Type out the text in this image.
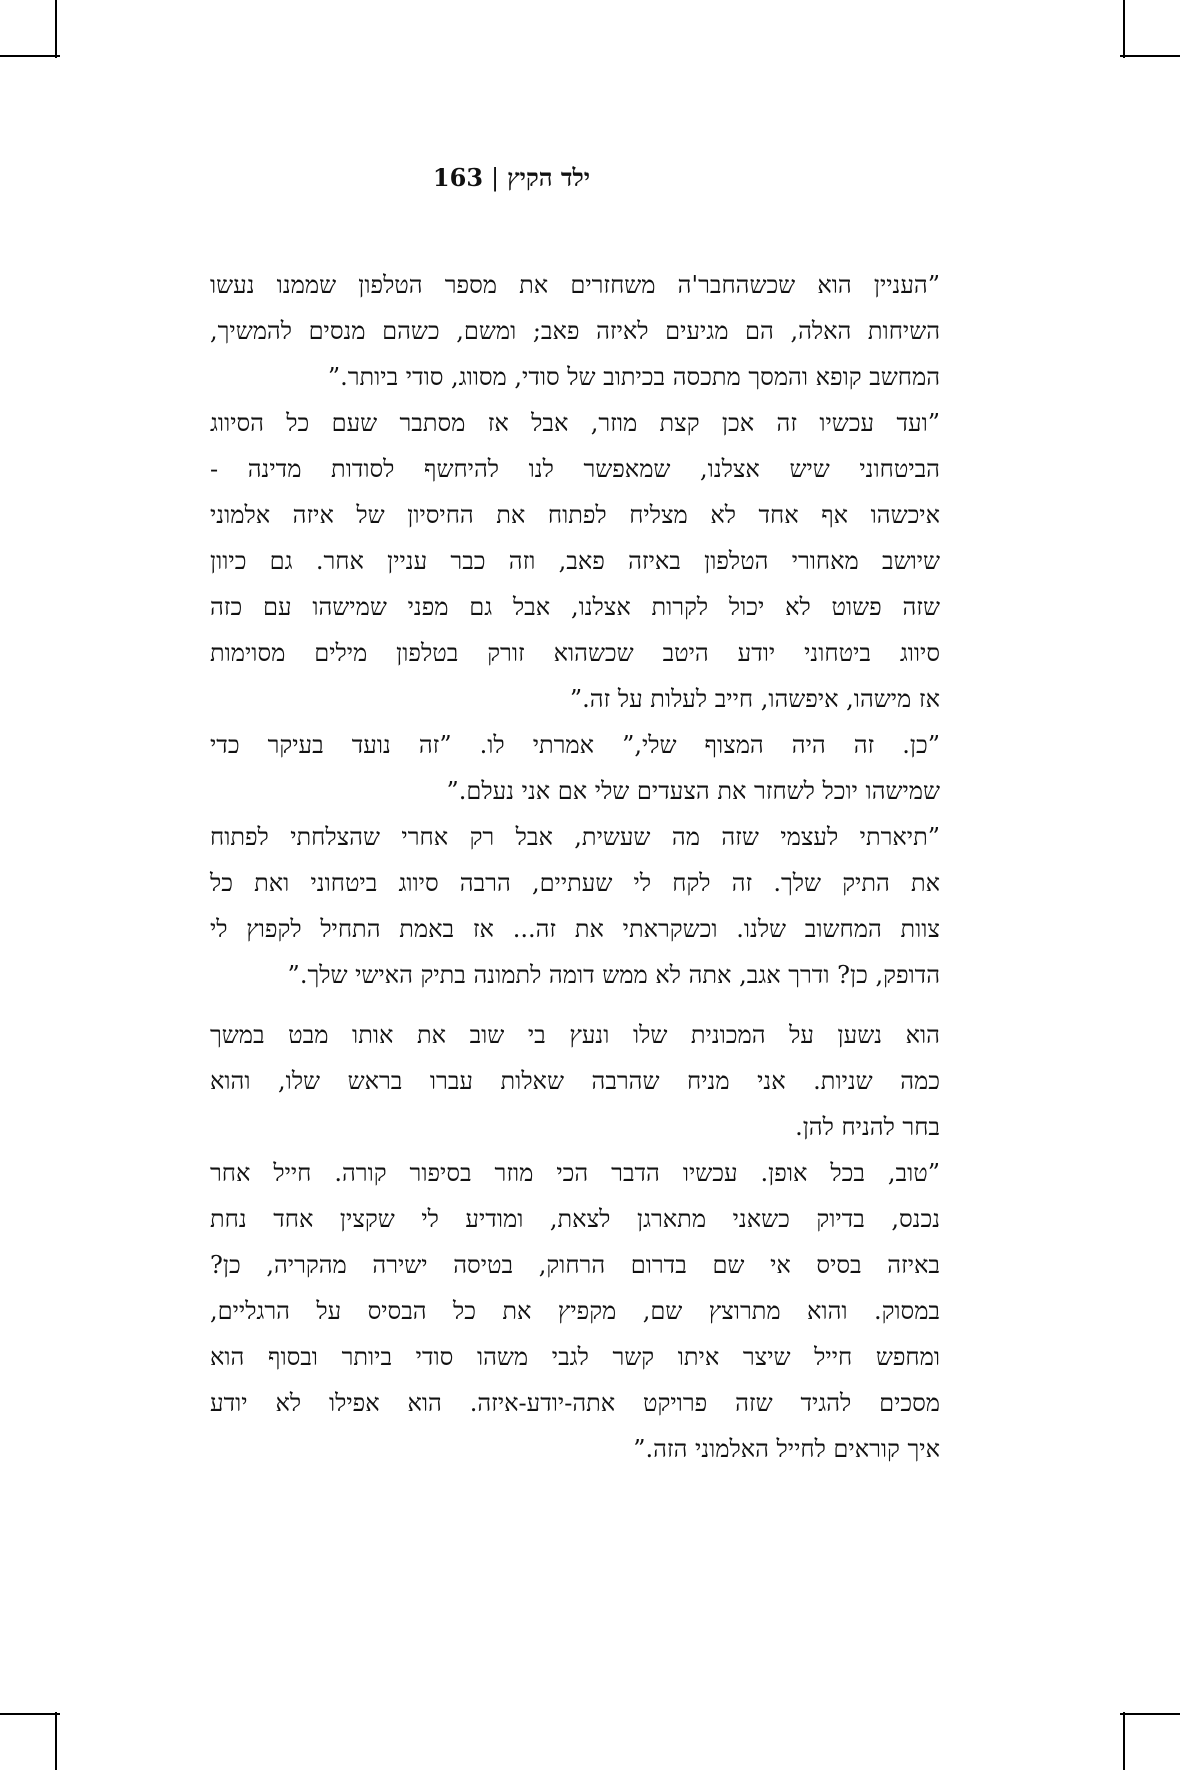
ילד הקיץ|163
”העניין הוא שכשהחבר'ה משחזרים את מספר הטלפון שממנו נעשו
השיחות האלה, הם מגיעים לאיזה פאב; ומשם, כשהם מנסים להמשיך,
המחשב קופא והמסך מתכסה בכיתוב של סודי, מסווג, סודי ביותר.”
”ועד עכשיו זה אכן קצת מוזר, אבל אז מסתבר שעם כל הסיווג
הביטחוני שיש אצלנו, שמאפשר לנו להיחשף לסודות מדינה -
איכשהו אף אחד לא מצליח לפתוח את החיסיון של איזה אלמוני
שיושב מאחורי הטלפון באיזה פאב, וזה כבר עניין אחר. גם כיוון
שזה פשוט לא יכול לקרות אצלנו, אבל גם מפני שמישהו עם כזה
סיווג ביטחוני יודע היטב שכשהוא זורק בטלפון מילים מסוימות
אז מישהו, איפשהו, חייב לעלות על זה.”
”כן. זה היה המצוף שלי,” אמרתי לו. ”זה נועד בעיקר כדי
שמישהו יוכל לשחזר את הצעדים שלי אם אני נעלם.”
”תיארתי לעצמי שזה מה שעשית, אבל רק אחרי שהצלחתי לפתוח
את התיק שלך. זה לקח לי שעתיים, הרבה סיווג ביטחוני ואת כל
צוות המחשוב שלנו. וכשקראתי את זה... אז באמת התחיל לקפוץ לי
הדופק, כן? ודרך אגב, אתה לא ממש דומה לתמונה בתיק האישי שלך.”
הוא נשען על המכונית שלו ונעץ בי שוב את אותו מבט במשך
כמה שניות. אני מניח שהרבה שאלות עברו בראש שלו, והוא
בחר להניח להן.
”טוב, בכל אופן. עכשיו הדבר הכי מוזר בסיפור קורה. חייל אחר
נכנס, בדיוק כשאני מתארגן לצאת, ומודיע לי שקצין אחד נחת
באיזה בסיס אי שם בדרום הרחוק, בטיסה ישירה מהקריה, כן?
במסוק. והוא מתרוצץ שם, מקפיץ את כל הבסיס על הרגליים,
ומחפש חייל שיצר איתו קשר לגבי משהו סודי ביותר ובסוף הוא
מסכים להגיד שזה פרויקט אתה-יודע-איזה. הוא אפילו לא יודע
איך קוראים לחייל האלמוני הזה.”
